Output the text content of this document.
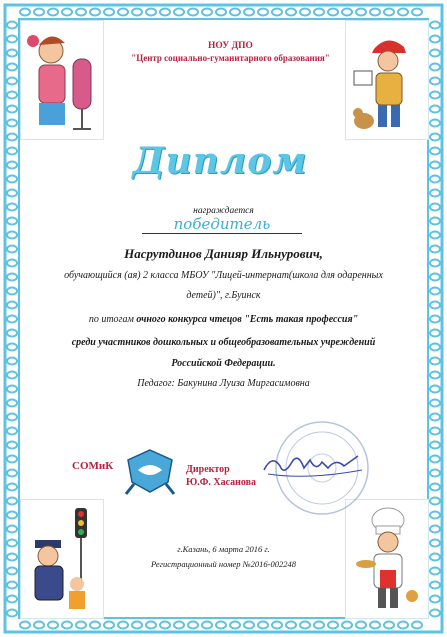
НОУ ДПО
"Центр социально-гуманитарного образования"
Диплом
награждается
победитель
Насрутдинов Данияр Ильнурович,
обучающийся (ая) 2 класса МБОУ "Лицей-интернат(школа для одаренных
детей)", г.Буинск
по итогам очного конкурса чтецов "Есть такая профессия"
среди участников дошкольных и общеобразовательных учреждений
Российской Федерации.
Педагог: Бакунина Луиза Миргасимовна
СОМиК	Директор
Ю.Ф. Хасанова
г.Казань, 6 марта 2016 г.
Регистрационный номер №2016-002248
